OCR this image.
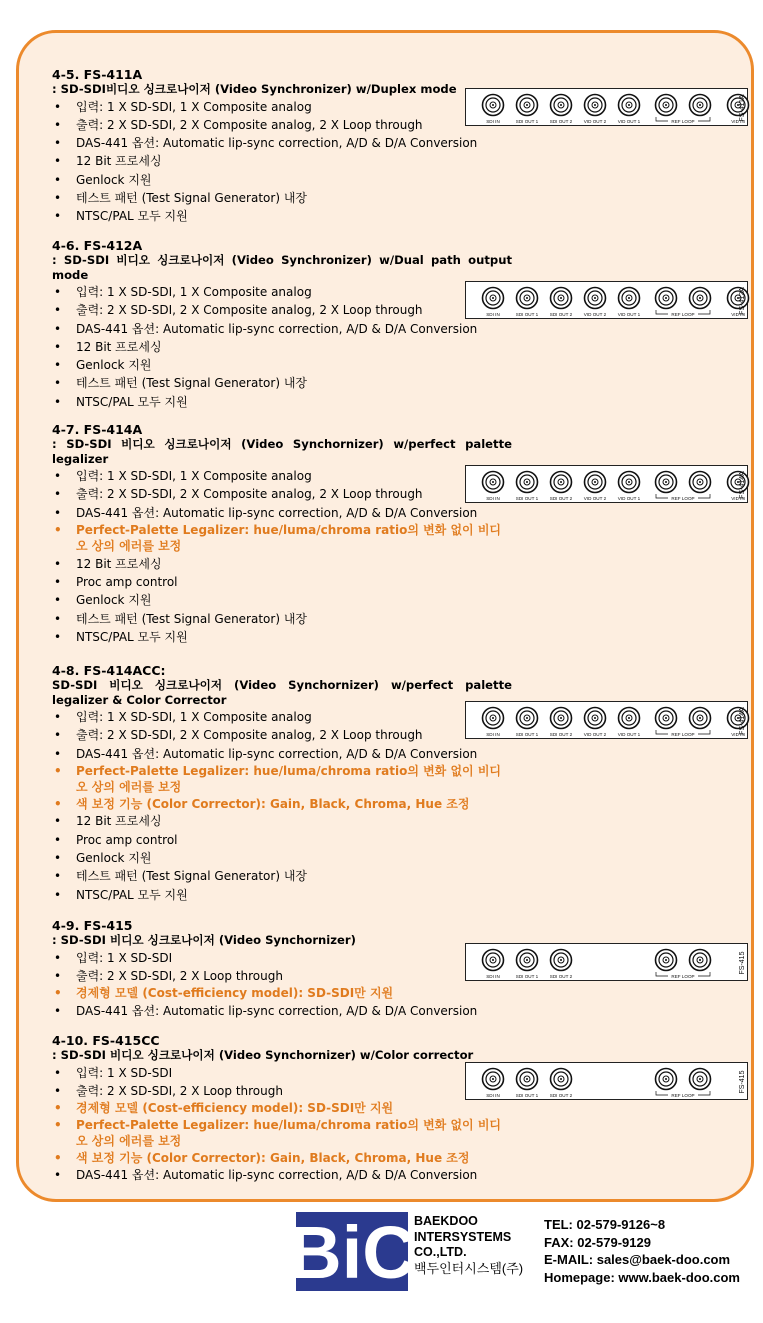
4-5. FS-411A

: SD-SDI비디오 싱크로나이저 (Video Synchronizer) w/Duplex mode

• 입력: 1 X SD-SDI, 1 X Composite analog
• 출력: 2 X SD-SDI, 2 X Composite analog, 2 X Loop through
• DAS-441 옵션: Automatic lip-sync correction, A/D & D/A Conversion
• 12 Bit 프로세싱
• Genlock 지원
• 테스트 패턴 (Test Signal Generator) 내장
• NTSC/PAL 모두 지원
SDI IN	SDI OUT 1	SDI OUT 2	VID OUT 2	VID OUT 1	REF LOOP	VID IN
FS-411A
4-6. FS-412A

: SD-SDI 비디오 싱크로나이저 (Video Synchronizer) w/Dual path output mode

• 입력: 1 X SD-SDI, 1 X Composite analog
• 출력: 2 X SD-SDI, 2 X Composite analog, 2 X Loop through
• DAS-441 옵션: Automatic lip-sync correction, A/D & D/A Conversion
• 12 Bit 프로세싱
• Genlock 지원
• 테스트 패턴 (Test Signal Generator) 내장
• NTSC/PAL 모두 지원
SDI IN	SDI OUT 1	SDI OUT 2	VID OUT 2	VID OUT 1	REF LOOP	VID IN
FS-412A
4-7. FS-414A

: SD-SDI 비디오 싱크로나이저 (Video Synchornizer) w/perfect palette legalizer

• 입력: 1 X SD-SDI, 1 X Composite analog
• 출력: 2 X SD-SDI, 2 X Composite analog, 2 X Loop through
• DAS-441 옵션: Automatic lip-sync correction, A/D & D/A Conversion
• Perfect-Palette Legalizer: hue/luma/chroma ratio의 변화 없이 비디오 상의 에러를 보정
• 12 Bit 프로세싱
• Proc amp control
• Genlock 지원
• 테스트 패턴 (Test Signal Generator) 내장
• NTSC/PAL 모두 지원
SDI IN	SDI OUT 1	SDI OUT 2	VID OUT 2	VID OUT 1	REF LOOP	VID IN
FS-414A
4-8. FS-414ACC:

SD-SDI 비디오 싱크로나이저 (Video Synchornizer) w/perfect palette legalizer & Color Corrector

• 입력: 1 X SD-SDI, 1 X Composite analog
• 출력: 2 X SD-SDI, 2 X Composite analog, 2 X Loop through
• DAS-441 옵션: Automatic lip-sync correction, A/D & D/A Conversion
• Perfect-Palette Legalizer: hue/luma/chroma ratio의 변화 없이 비디오 상의 에러를 보정
• 색 보정 기능 (Color Corrector): Gain, Black, Chroma, Hue 조정
• 12 Bit 프로세싱
• Proc amp control
• Genlock 지원
• 테스트 패턴 (Test Signal Generator) 내장
• NTSC/PAL 모두 지원
SDI IN	SDI OUT 1	SDI OUT 2	VID OUT 2	VID OUT 1	REF LOOP	VID IN
FS-414A
4-9. FS-415

: SD-SDI 비디오 싱크로나이저 (Video Synchornizer)

• 입력: 1 X SD-SDI
• 출력: 2 X SD-SDI, 2 X Loop through
• 경제형 모델 (Cost-efficiency model): SD-SDI만 지원
• DAS-441 옵션: Automatic lip-sync correction, A/D & D/A Conversion
SDI IN	SDI OUT 1	SDI OUT 2	REF LOOP
FS-415
4-10. FS-415CC

: SD-SDI 비디오 싱크로나이저 (Video Synchornizer) w/Color corrector

• 입력: 1 X SD-SDI
• 출력: 2 X SD-SDI, 2 X Loop through
• 경제형 모델 (Cost-efficiency model): SD-SDI만 지원
• Perfect-Palette Legalizer: hue/luma/chroma ratio의 변화 없이 비디오 상의 에러를 보정
• 색 보정 기능 (Color Corrector): Gain, Black, Chroma, Hue 조정
• DAS-441 옵션: Automatic lip-sync correction, A/D & D/A Conversion
SDI IN	SDI OUT 1	SDI OUT 2	REF LOOP
FS-415
BiC
BAEKDOO
INTERSYSTEMS
CO.,LTD.
백두인터시스템(주)
TEL: 02-579-9126~8
FAX: 02-579-9129
E-MAIL: sales@baek-doo.com
Homepage: www.baek-doo.com
